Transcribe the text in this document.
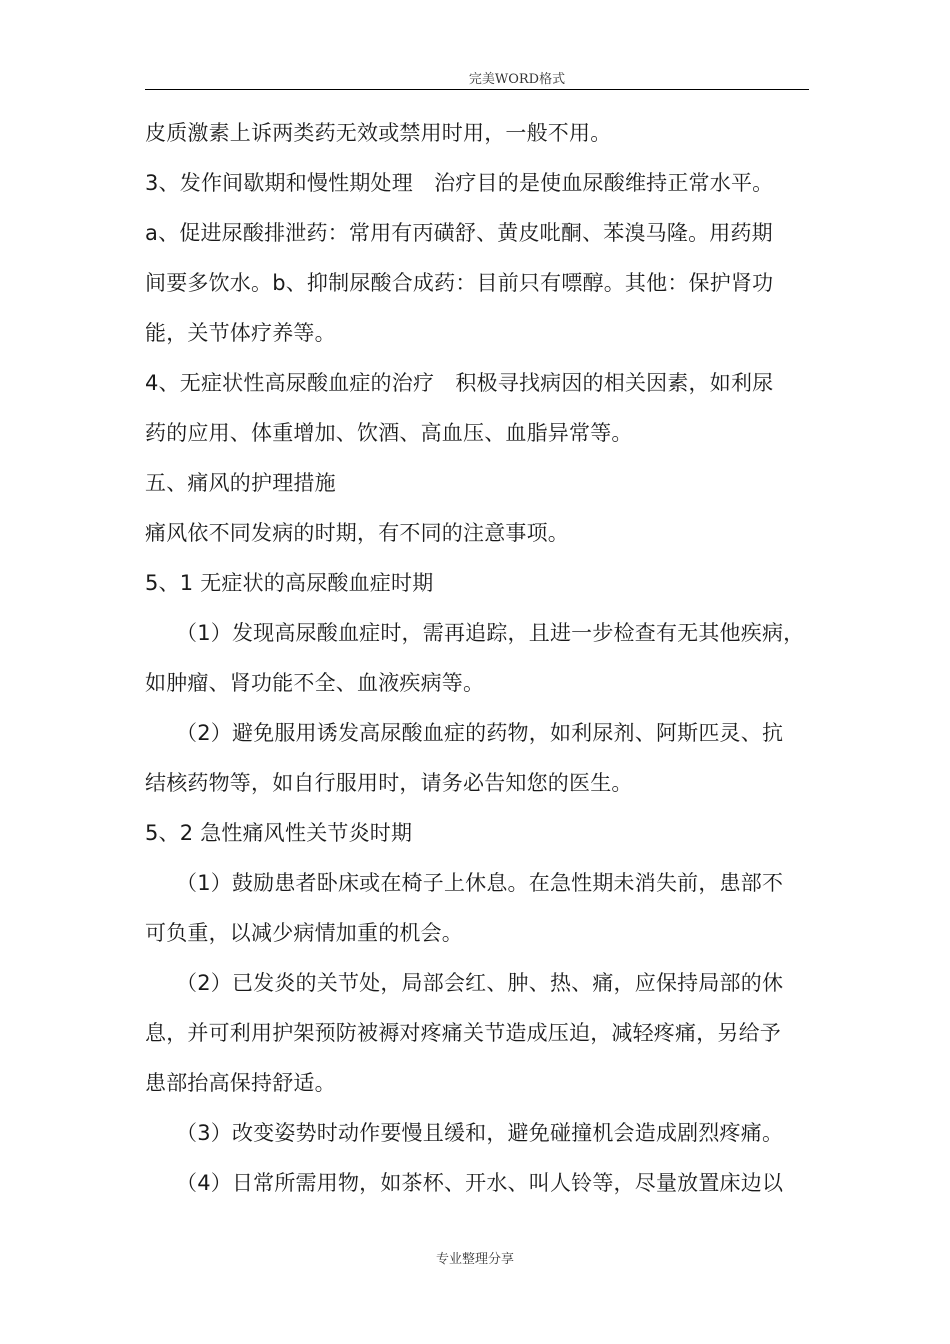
完美WORD格式
皮质激素上诉两类药无效或禁用时用，一般不用。
3、发作间歇期和慢性期处理　治疗目的是使血尿酸维持正常水平。
a、促进尿酸排泄药：常用有丙磺舒、黄皮吡酮、苯溴马隆。用药期
间要多饮水。b、抑制尿酸合成药：目前只有嘌醇。其他：保护肾功
能，关节体疗养等。
4、无症状性高尿酸血症的治疗　积极寻找病因的相关因素，如利尿
药的应用、体重增加、饮酒、高血压、血脂异常等。
五、痛风的护理措施
痛风依不同发病的时期，有不同的注意事项。
5、1 无症状的高尿酸血症时期
（1）发现高尿酸血症时，需再追踪，且进一步检查有无其他疾病，
如肿瘤、肾功能不全、血液疾病等。
（2）避免服用诱发高尿酸血症的药物，如利尿剂、阿斯匹灵、抗
结核药物等，如自行服用时，请务必告知您的医生。
5、2 急性痛风性关节炎时期
（1）鼓励患者卧床或在椅子上休息。在急性期未消失前，患部不
可负重，以减少病情加重的机会。
（2）已发炎的关节处，局部会红、肿、热、痛，应保持局部的休
息，并可利用护架预防被褥对疼痛关节造成压迫，减轻疼痛，另给予
患部抬高保持舒适。
（3）改变姿势时动作要慢且缓和，避免碰撞机会造成剧烈疼痛。
（4）日常所需用物，如茶杯、开水、叫人铃等，尽量放置床边以
专业整理分享
